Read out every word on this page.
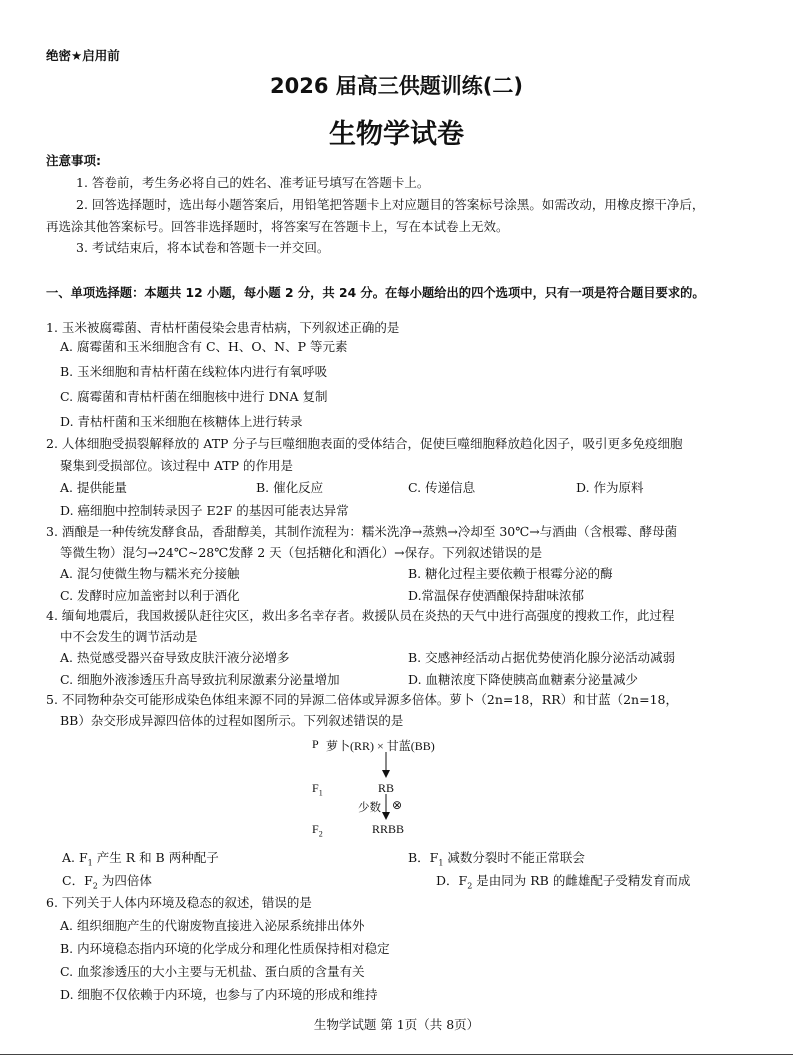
绝密★启用前
2026 届高三供题训练(二)
生物学试卷
注意事项:
1. 答卷前，考生务必将自己的姓名、准考证号填写在答题卡上。
2. 回答选择题时，选出每小题答案后，用铅笔把答题卡上对应题目的答案标号涂黑。如需改动，用橡皮擦干净后，
再选涂其他答案标号。回答非选择题时，将答案写在答题卡上，写在本试卷上无效。
3. 考试结束后，将本试卷和答题卡一并交回。
一、单项选择题：本题共 12 小题，每小题 2 分，共 24 分。在每小题给出的四个选项中，只有一项是符合题目要求的。
1. 玉米被腐霉菌、青枯杆菌侵染会患青枯病，下列叙述正确的是
A. 腐霉菌和玉米细胞含有 C、H、O、N、P 等元素
B. 玉米细胞和青枯杆菌在线粒体内进行有氧呼吸
C. 腐霉菌和青枯杆菌在细胞核中进行 DNA 复制
D. 青枯杆菌和玉米细胞在核糖体上进行转录
2. 人体细胞受损裂解释放的 ATP 分子与巨噬细胞表面的受体结合，促使巨噬细胞释放趋化因子，吸引更多免疫细胞
聚集到受损部位。该过程中 ATP 的作用是
A. 提供能量	B. 催化反应	C. 传递信息	D. 作为原料
D. 癌细胞中控制转录因子 E2F 的基因可能表达异常
3. 酒酿是一种传统发酵食品，香甜醇美，其制作流程为：糯米洗净→蒸熟→冷却至 30℃→与酒曲（含根霉、酵母菌
等微生物）混匀→24℃~28℃发酵 2 天（包括糖化和酒化）→保存。下列叙述错误的是
A. 混匀使微生物与糯米充分接触	B. 糖化过程主要依赖于根霉分泌的酶
C. 发酵时应加盖密封以利于酒化	D.常温保存使酒酿保持甜味浓郁
4. 缅甸地震后，我国救援队赶往灾区，救出多名幸存者。救援队员在炎热的天气中进行高强度的搜救工作，此过程
中不会发生的调节活动是
A. 热觉感受器兴奋导致皮肤汗液分泌增多	B. 交感神经活动占据优势使消化腺分泌活动减弱
C. 细胞外液渗透压升高导致抗利尿激素分泌量增加	D. 血糖浓度下降使胰高血糖素分泌量减少
5. 不同物种杂交可能形成染色体组来源不同的异源二倍体或异源多倍体。萝卜（2n=18，RR）和甘蓝（2n=18，
BB）杂交形成异源四倍体的过程如图所示。下列叙述错误的是
P 萝卜(RR) × 甘蓝(BB)
$F_1$	RB
少数 ⊗
$F_2$	RRBB
A. $F_1$ 产生 R 和 B 两种配子	B．$F_1$ 减数分裂时不能正常联会
C．$F_2$ 为四倍体	D．$F_2$ 是由同为 RB 的雌雄配子受精发育而成
6. 下列关于人体内环境及稳态的叙述，错误的是
A. 组织细胞产生的代谢废物直接进入泌尿系统排出体外
B. 内环境稳态指内环境的化学成分和理化性质保持相对稳定
C. 血浆渗透压的大小主要与无机盐、蛋白质的含量有关
D. 细胞不仅依赖于内环境，也参与了内环境的形成和维持
生物学试题 第 1页（共 8页）
